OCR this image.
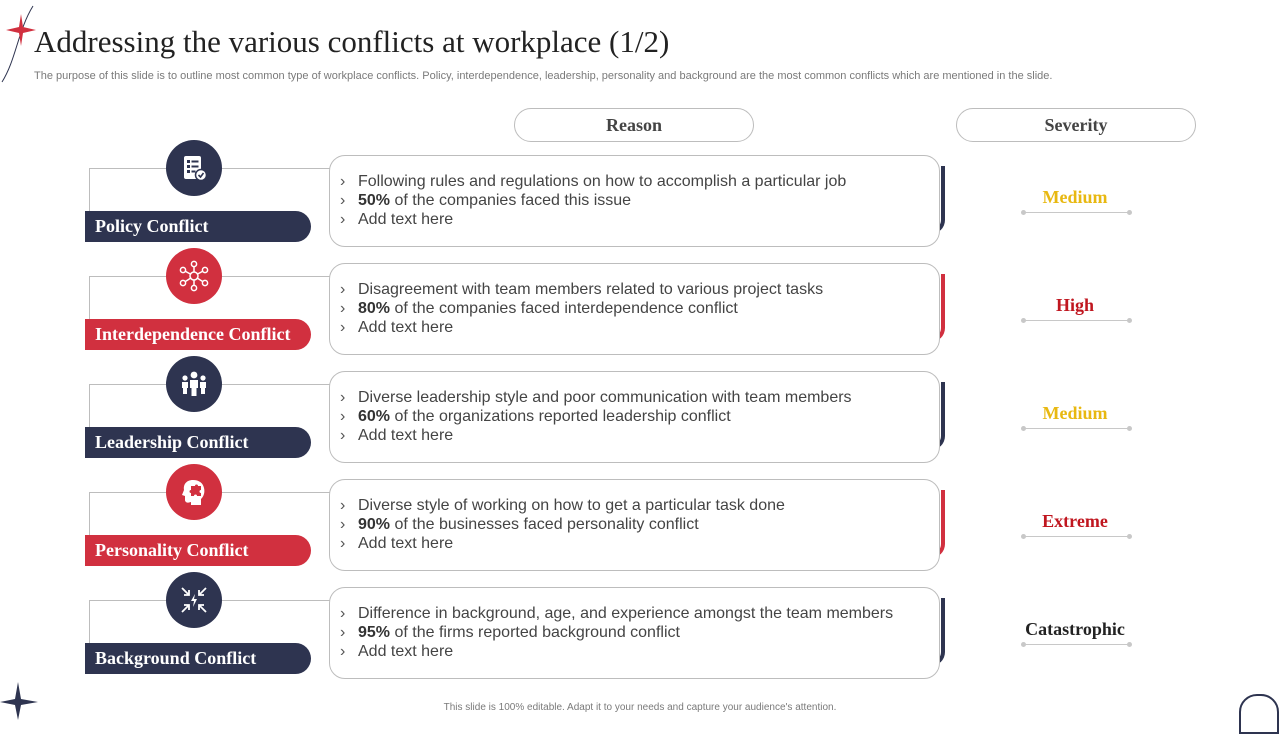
Addressing the various conflicts at workplace (1/2)
The purpose of this slide is to outline most common type of workplace conflicts. Policy, interdependence, leadership, personality and background are the most common conflicts which are mentioned in the slide.
Reason	Severity
Policy Conflict
› Following rules and regulations on how to accomplish a particular job
› 50% of the companies faced this issue
› Add text here
Medium
Interdependence Conflict
› Disagreement with team members related to various project tasks
› 80% of the companies faced interdependence conflict
› Add text here
High
Leadership Conflict
› Diverse leadership style and poor communication with team members
› 60% of the organizations reported leadership conflict
› Add text here
Medium
Personality Conflict
› Diverse style of working on how to get a particular task done
› 90% of the businesses faced personality conflict
› Add text here
Extreme
Background Conflict
› Difference in background, age, and experience amongst the team members
› 95% of the firms reported background conflict
› Add text here
Catastrophic
This slide is 100% editable. Adapt it to your needs and capture your audience's attention.
